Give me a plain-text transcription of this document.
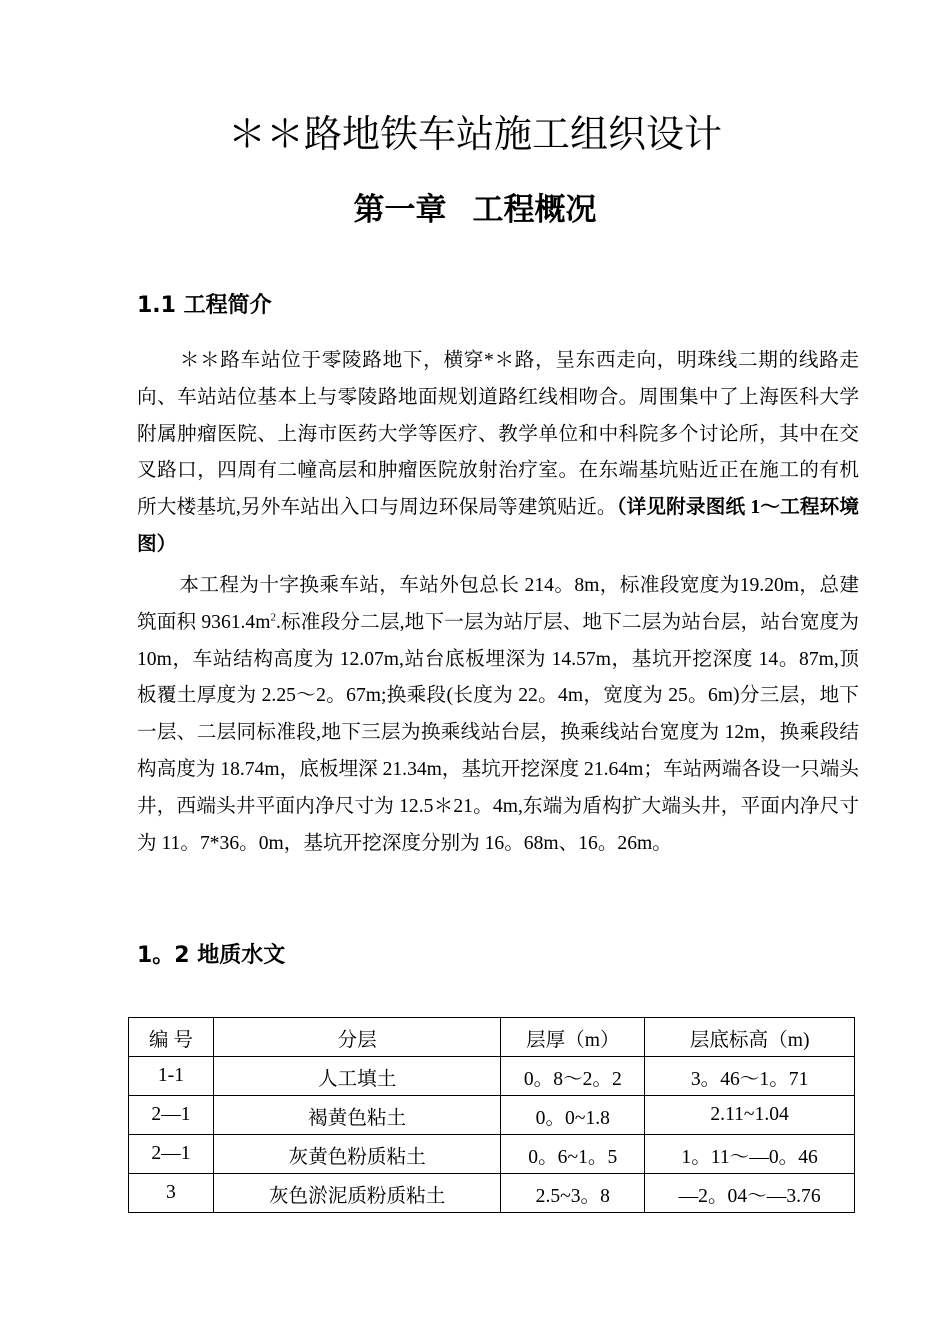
＊＊路地铁车站施工组织设计
第一章 工程概况
1.1 工程简介

＊＊路车站位于零陵路地下，横穿*＊路，呈东西走向，明珠线二期的线路走向、车站站位基本上与零陵路地面规划道路红线相吻合。周围集中了上海医科大学附属肿瘤医院、上海市医药大学等医疗、教学单位和中科院多个讨论所，其中在交叉路口，四周有二幢高层和肿瘤医院放射治疗室。在东端基坑贴近正在施工的有机所大楼基坑,另外车站出入口与周边环保局等建筑贴近。（详见附录图纸 1～工程环境图）

本工程为十字换乘车站，车站外包总长 214。8m，标准段宽度为19.20m，总建筑面积 $9361.4m^2$.标准段分二层,地下一层为站厅层、地下二层为站台层，站台宽度为 10m，车站结构高度为 12.07m,站台底板埋深为 14.57m，基坑开挖深度 14。87m,顶板覆土厚度为 2.25～2。67m;换乘段(长度为 22。4m，宽度为 25。6m)分三层，地下一层、二层同标准段,地下三层为换乘线站台层，换乘线站台宽度为 12m，换乘段结构高度为 18.74m，底板埋深 21.34m，基坑开挖深度 21.64m；车站两端各设一只端头井，西端头井平面内净尺寸为 12.5＊21。4m,东端为盾构扩大端头井，平面内净尺寸为 11。7*36。0m，基坑开挖深度分别为 16。68m、16。26m。

1。2 地质水文
编 号	分层	层厚（m）	层底标高（m)
1-1	人工填土	0。8～2。2	3。46～1。71
2—1	褐黄色粘土	0。0~1.8	2.11~1.04
2—1	灰黄色粉质粘土	0。6~1。5	1。11～—0。46
3	灰色淤泥质粉质粘土	2.5~3。8	—2。04～—3.76
